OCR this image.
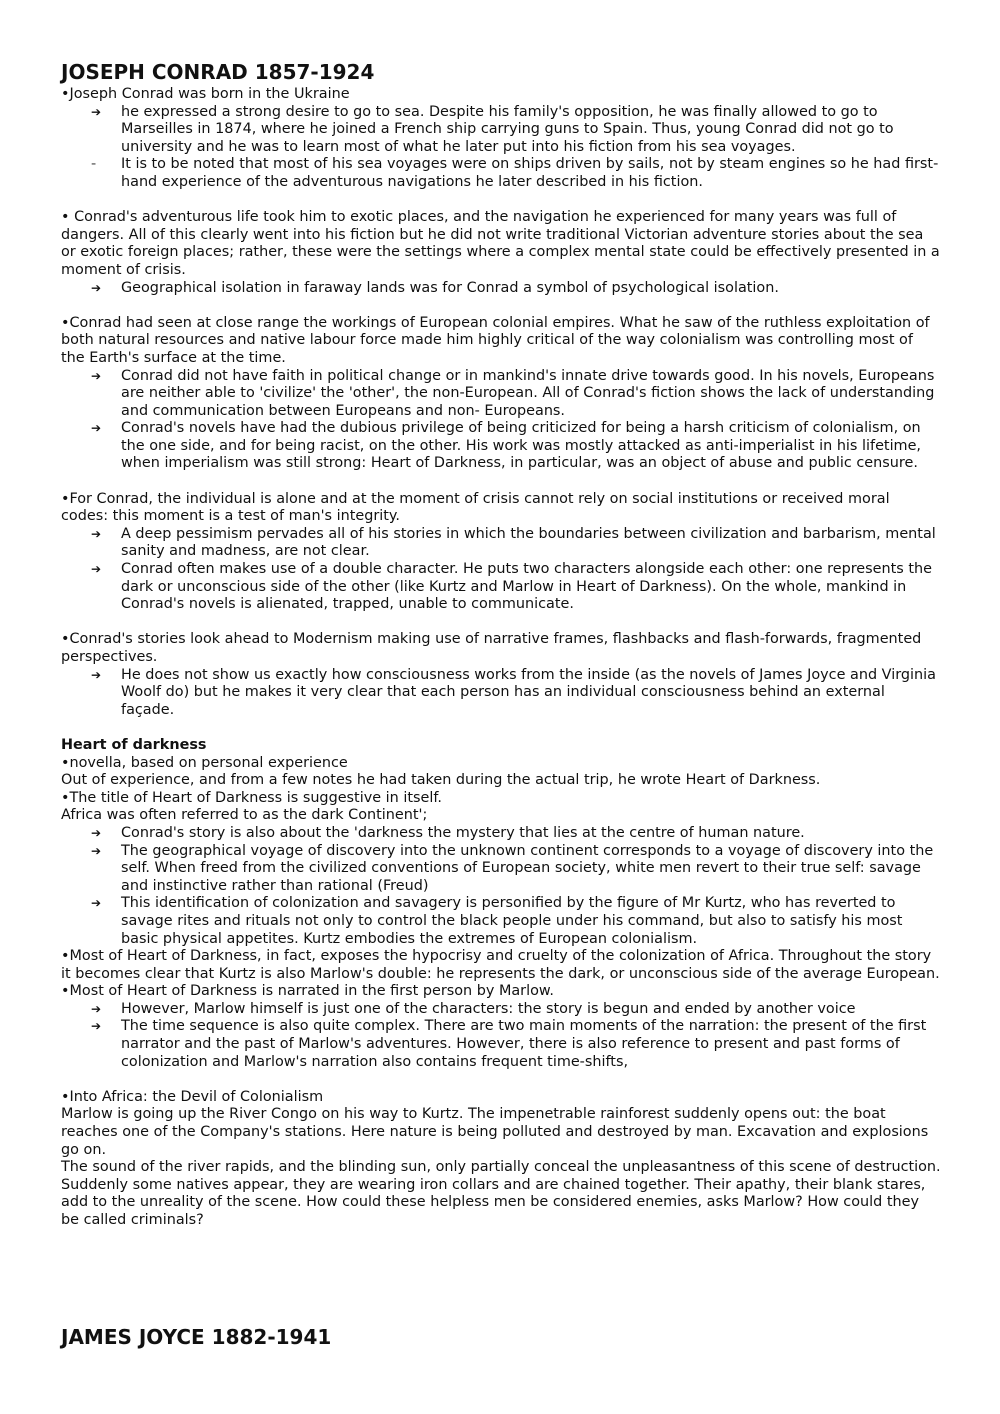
JOSEPH CONRAD 1857-1924

•Joseph Conrad was born in the Ukraine

➔	he expressed a strong desire to go to sea. Despite his family's opposition, he was finally allowed to go to Marseilles in 1874, where he joined a French ship carrying guns to Spain. Thus, young Conrad did not go to university and he was to learn most of what he later put into his fiction from his sea voyages.
-	It is to be noted that most of his sea voyages were on ships driven by sails, not by steam engines so he had first-hand experience of the adventurous navigations he later described in his fiction.

• Conrad's adventurous life took him to exotic places, and the navigation he experienced for many years was full of dangers. All of this clearly went into his fiction but he did not write traditional Victorian adventure stories about the sea or exotic foreign places; rather, these were the settings where a complex mental state could be effectively presented in a moment of crisis.

➔	Geographical isolation in faraway lands was for Conrad a symbol of psychological isolation.

•Conrad had seen at close range the workings of European colonial empires. What he saw of the ruthless exploitation of both natural resources and native labour force made him highly critical of the way colonialism was controlling most of the Earth's surface at the time.

➔	Conrad did not have faith in political change or in mankind's innate drive towards good. In his novels, Europeans are neither able to 'civilize' the 'other', the non-European. All of Conrad's fiction shows the lack of understanding and communication between Europeans and non- Europeans.
➔	Conrad's novels have had the dubious privilege of being criticized for being a harsh criticism of colonialism, on the one side, and for being racist, on the other. His work was mostly attacked as anti-imperialist in his lifetime, when imperialism was still strong: Heart of Darkness, in particular, was an object of abuse and public censure.

•For Conrad, the individual is alone and at the moment of crisis cannot rely on social institutions or received moral codes: this moment is a test of man's integrity.

➔	A deep pessimism pervades all of his stories in which the boundaries between civilization and barbarism, mental sanity and madness, are not clear.
➔	Conrad often makes use of a double character. He puts two characters alongside each other: one represents the dark or unconscious side of the other (like Kurtz and Marlow in Heart of Darkness). On the whole, mankind in Conrad's novels is alienated, trapped, unable to communicate.

•Conrad's stories look ahead to Modernism making use of narrative frames, flashbacks and flash-forwards, fragmented perspectives.

➔	He does not show us exactly how consciousness works from the inside (as the novels of James Joyce and Virginia Woolf do) but he makes it very clear that each person has an individual consciousness behind an external façade.

Heart of darkness

•novella, based on personal experience

Out of experience, and from a few notes he had taken during the actual trip, he wrote Heart of Darkness.

•The title of Heart of Darkness is suggestive in itself.

Africa was often referred to as the dark Continent';

➔	Conrad's story is also about the 'darkness the mystery that lies at the centre of human nature.
➔	The geographical voyage of discovery into the unknown continent corresponds to a voyage of discovery into the self. When freed from the civilized conventions of European society, white men revert to their true self: savage and instinctive rather than rational (Freud)
➔	This identification of colonization and savagery is personified by the figure of Mr Kurtz, who has reverted to savage rites and rituals not only to control the black people under his command, but also to satisfy his most basic physical appetites. Kurtz embodies the extremes of European colonialism.

•Most of Heart of Darkness, in fact, exposes the hypocrisy and cruelty of the colonization of Africa. Throughout the story it becomes clear that Kurtz is also Marlow's double: he represents the dark, or unconscious side of the average European.

•Most of Heart of Darkness is narrated in the first person by Marlow.

➔	However, Marlow himself is just one of the characters: the story is begun and ended by another voice
➔	The time sequence is also quite complex. There are two main moments of the narration: the present of the first narrator and the past of Marlow's adventures. However, there is also reference to present and past forms of colonization and Marlow's narration also contains frequent time-shifts,

•Into Africa: the Devil of Colonialism

Marlow is going up the River Congo on his way to Kurtz. The impenetrable rainforest suddenly opens out: the boat reaches one of the Company's stations. Here nature is being polluted and destroyed by man. Excavation and explosions go on.

The sound of the river rapids, and the blinding sun, only partially conceal the unpleasantness of this scene of destruction.

Suddenly some natives appear, they are wearing iron collars and are chained together. Their apathy, their blank stares, add to the unreality of the scene. How could these helpless men be considered enemies, asks Marlow? How could they be called criminals?

JAMES JOYCE 1882-1941
